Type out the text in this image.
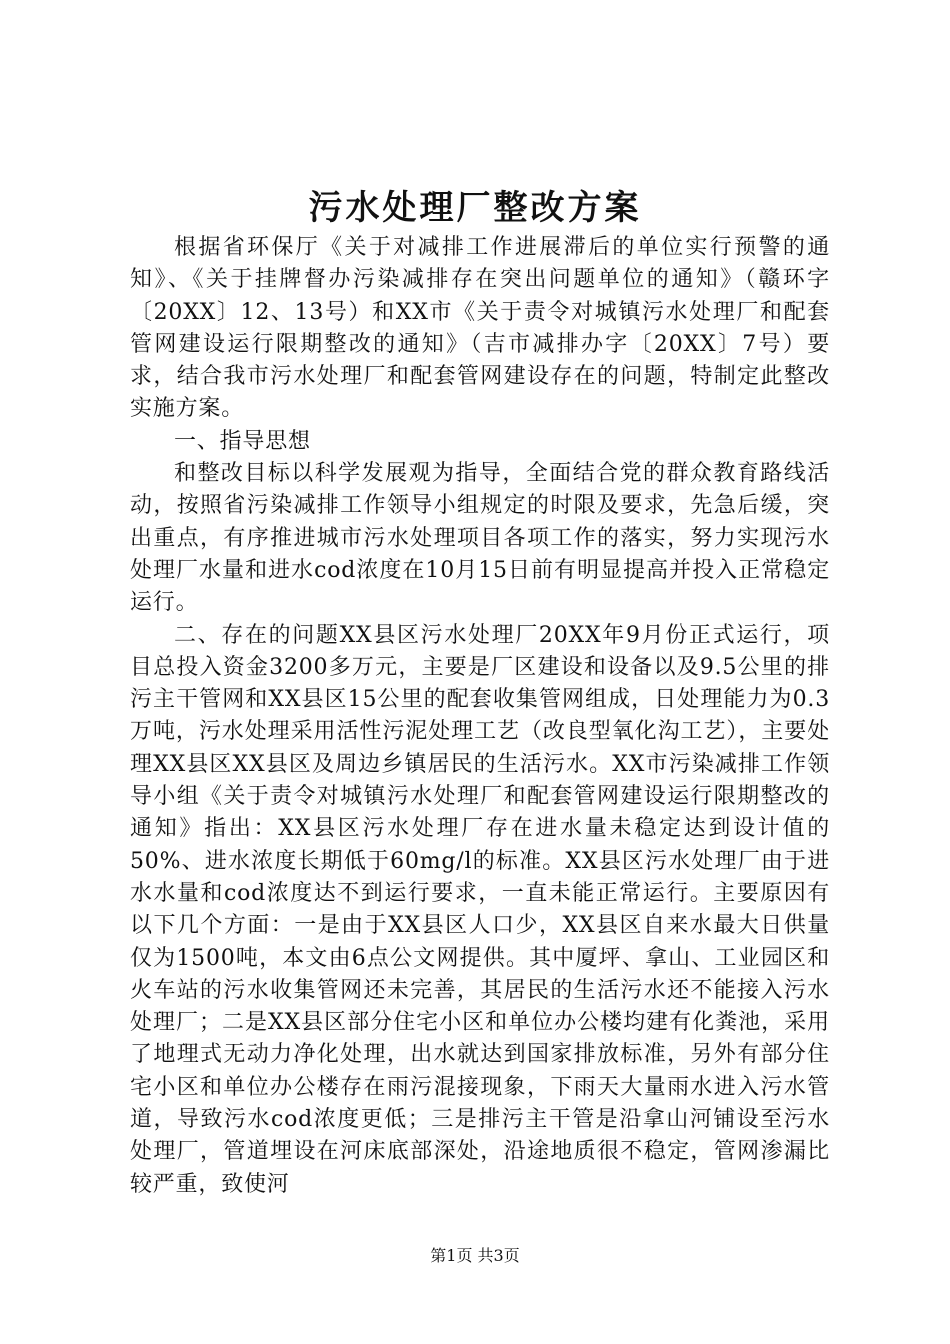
污水处理厂整改方案

根据省环保厅《关于对减排工作进展滞后的单位实行预警的通知》、《关于挂牌督办污染减排存在突出问题单位的通知》（赣环字〔20XX〕12、13号）和XX市《关于责令对城镇污水处理厂和配套管网建设运行限期整改的通知》（吉市减排办字〔20XX〕7号）要求，结合我市污水处理厂和配套管网建设存在的问题，特制定此整改实施方案。

一、指导思想

和整改目标以科学发展观为指导，全面结合党的群众教育路线活动，按照省污染减排工作领导小组规定的时限及要求，先急后缓，突出重点，有序推进城市污水处理项目各项工作的落实，努力实现污水处理厂水量和进水cod浓度在10月15日前有明显提高并投入正常稳定运行。

二、存在的问题XX县区污水处理厂20XX年9月份正式运行，项目总投入资金3200多万元，主要是厂区建设和设备以及9.5公里的排污主干管网和XX县区15公里的配套收集管网组成，日处理能力为0.3万吨，污水处理采用活性污泥处理工艺（改良型氧化沟工艺），主要处理XX县区XX县区及周边乡镇居民的生活污水。XX市污染减排工作领导小组《关于责令对城镇污水处理厂和配套管网建设运行限期整改的通知》指出：XX县区污水处理厂存在进水量未稳定达到设计值的50%、进水浓度长期低于60mg/l的标准。XX县区污水处理厂由于进水水量和cod浓度达不到运行要求，一直未能正常运行。主要原因有以下几个方面：一是由于XX县区人口少，XX县区自来水最大日供量仅为1500吨，本文由6点公文网提供。其中厦坪、拿山、工业园区和火车站的污水收集管网还未完善，其居民的生活污水还不能接入污水处理厂；二是XX县区部分住宅小区和单位办公楼均建有化粪池，采用了地理式无动力净化处理，出水就达到国家排放标准，另外有部分住宅小区和单位办公楼存在雨污混接现象，下雨天大量雨水进入污水管道，导致污水cod浓度更低；三是排污主干管是沿拿山河铺设至污水处理厂，管道埋设在河床底部深处，沿途地质很不稳定，管网渗漏比较严重，致使河

第1页 共3页
